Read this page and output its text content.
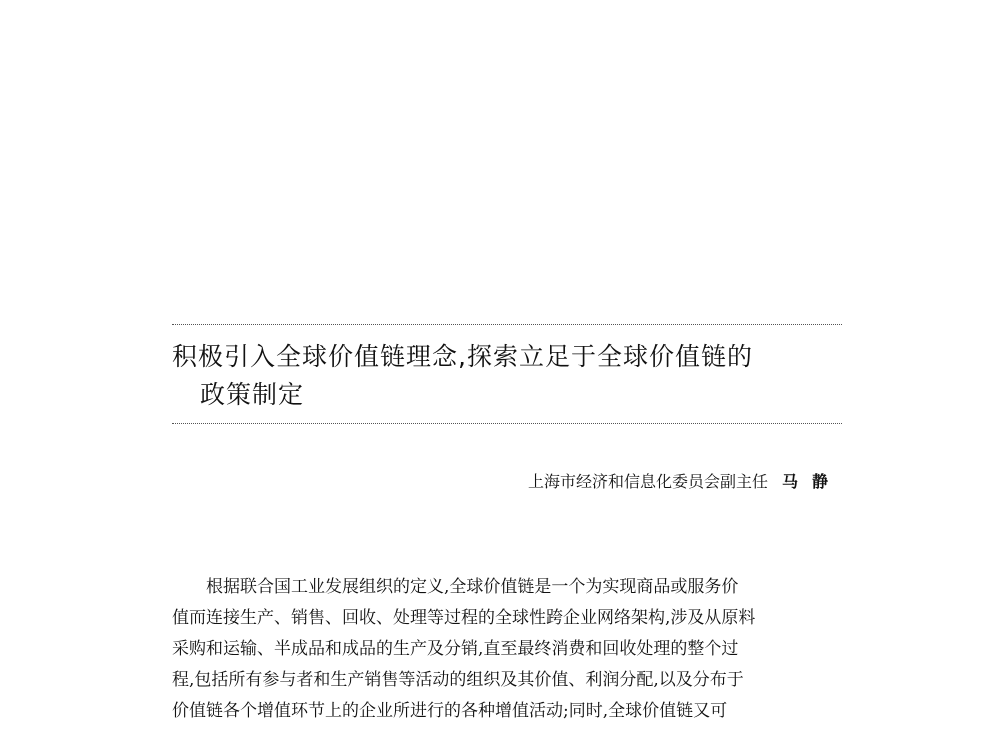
积极引入全球价值链理念,探索立足于全球价值链的
政策制定
上海市经济和信息化委员会副主任 马静
根据联合国工业发展组织的定义,全球价值链是一个为实现商品或服务价
值而连接生产、销售、回收、处理等过程的全球性跨企业网络架构,涉及从原料
采购和运输、半成品和成品的生产及分销,直至最终消费和回收处理的整个过
程,包括所有参与者和生产销售等活动的组织及其价值、利润分配,以及分布于
价值链各个增值环节上的企业所进行的各种增值活动;同时,全球价值链又可
